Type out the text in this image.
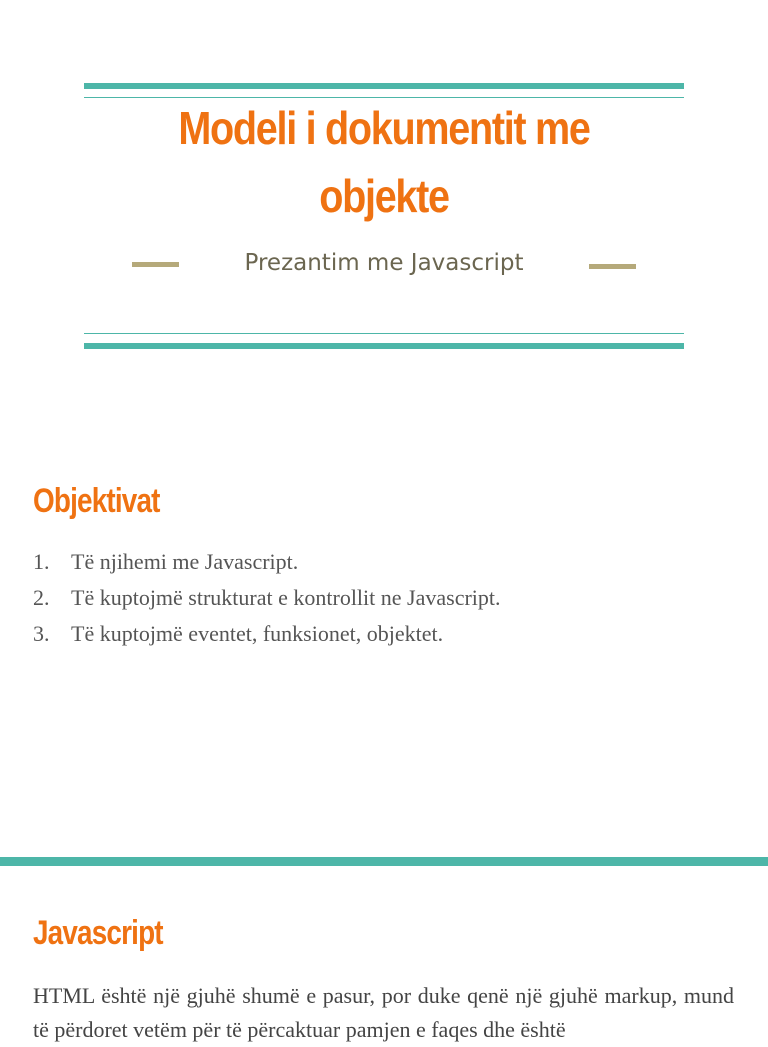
Modeli i dokumentit me objekte
Prezantim me Javascript
Objektivat
1. Të njihemi me Javascript.
2. Të kuptojmë strukturat e kontrollit ne Javascript.
3. Të kuptojmë eventet, funksionet, objektet.
Javascript

HTML është një gjuhë shumë e pasur, por duke qenë një gjuhë markup, mund të përdoret vetëm për të përcaktuar pamjen e faqes dhe është
